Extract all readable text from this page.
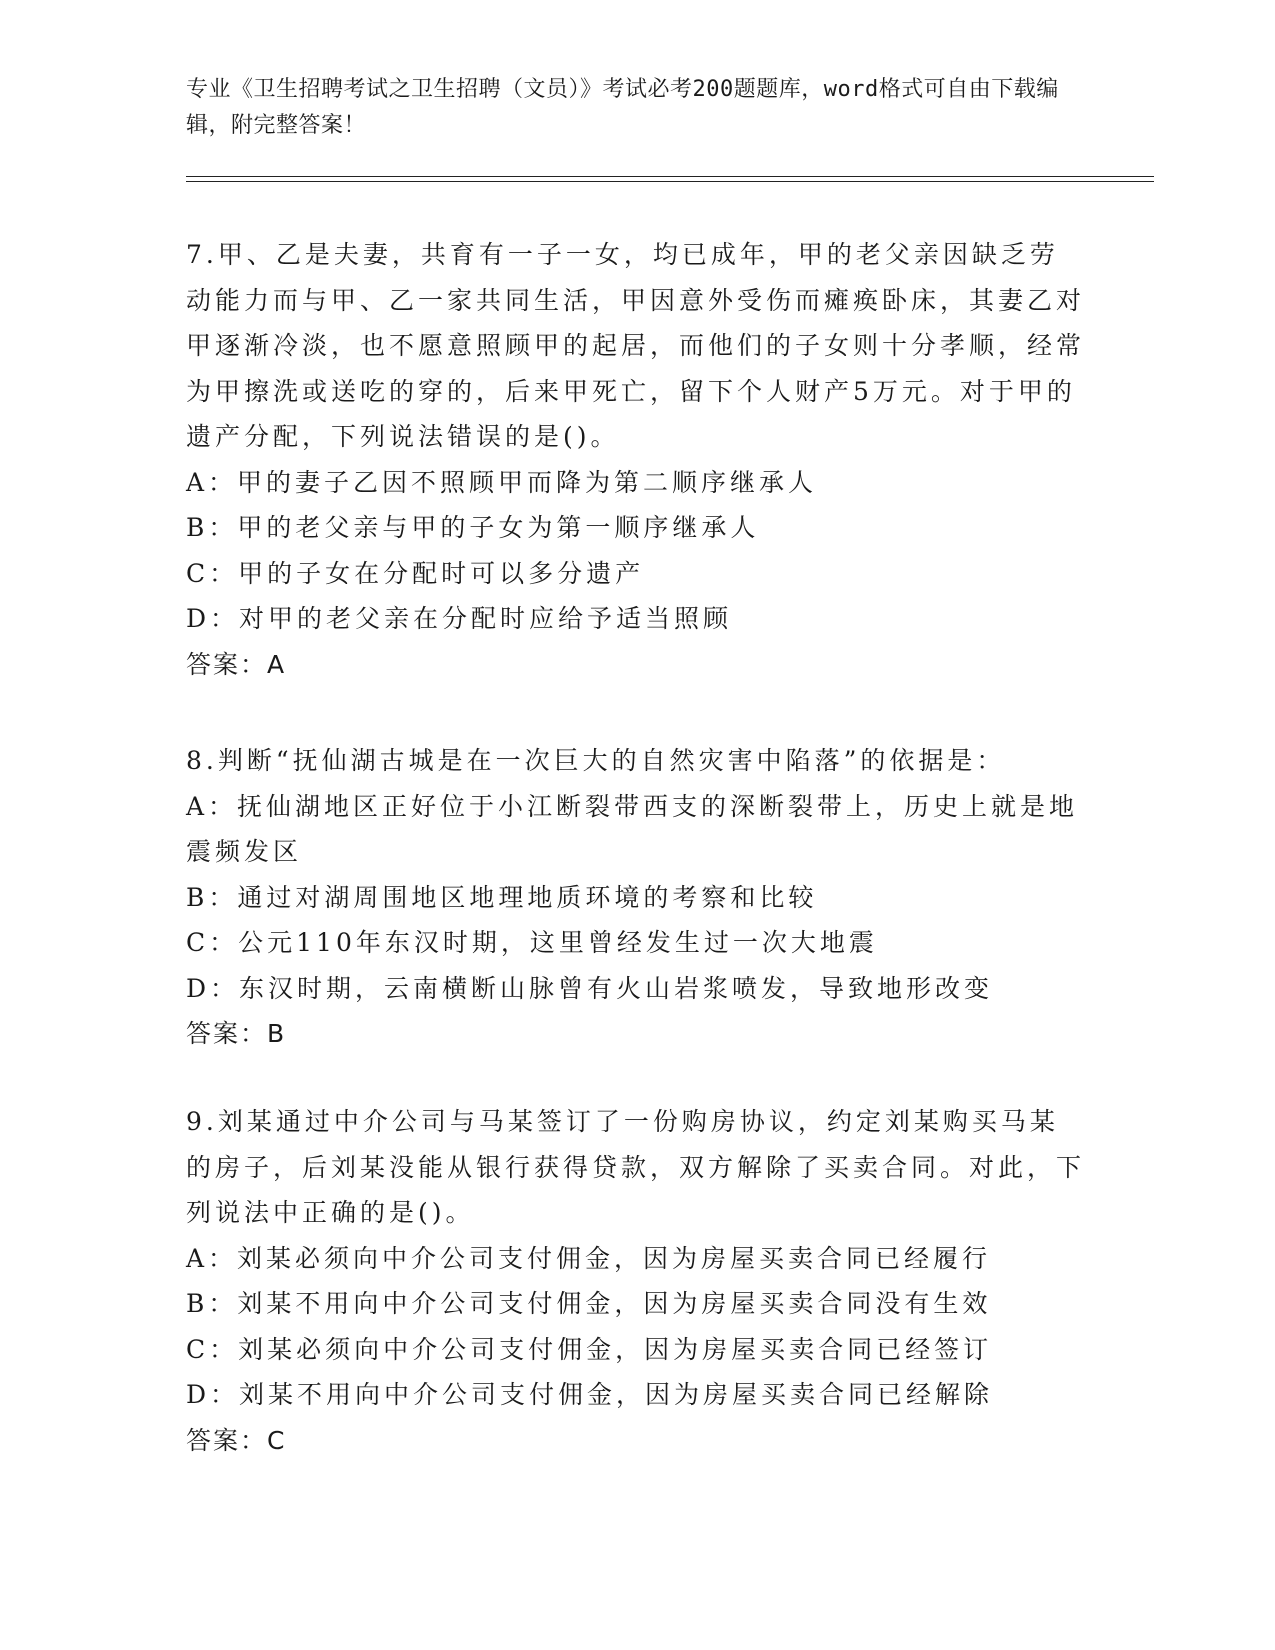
专业《卫生招聘考试之卫生招聘（文员）》考试必考200题题库，word格式可自由下载编辑，附完整答案！

7.甲、乙是夫妻，共育有一子一女，均已成年，甲的老父亲因缺乏劳动能力而与甲、乙一家共同生活，甲因意外受伤而瘫痪卧床，其妻乙对甲逐渐冷淡，也不愿意照顾甲的起居，而他们的子女则十分孝顺，经常为甲擦洗或送吃的穿的，后来甲死亡，留下个人财产5万元。对于甲的遗产分配，下列说法错误的是()。

A：甲的妻子乙因不照顾甲而降为第二顺序继承人

B：甲的老父亲与甲的子女为第一顺序继承人

C：甲的子女在分配时可以多分遗产

D：对甲的老父亲在分配时应给予适当照顾

答案：A

8.判断“抚仙湖古城是在一次巨大的自然灾害中陷落”的依据是：

A：抚仙湖地区正好位于小江断裂带西支的深断裂带上，历史上就是地震频发区

B：通过对湖周围地区地理地质环境的考察和比较

C：公元110年东汉时期，这里曾经发生过一次大地震

D：东汉时期，云南横断山脉曾有火山岩浆喷发，导致地形改变

答案：B

9.刘某通过中介公司与马某签订了一份购房协议，约定刘某购买马某的房子，后刘某没能从银行获得贷款，双方解除了买卖合同。对此，下列说法中正确的是()。

A：刘某必须向中介公司支付佣金，因为房屋买卖合同已经履行

B：刘某不用向中介公司支付佣金，因为房屋买卖合同没有生效

C：刘某必须向中介公司支付佣金，因为房屋买卖合同已经签订

D：刘某不用向中介公司支付佣金，因为房屋买卖合同已经解除

答案：C
